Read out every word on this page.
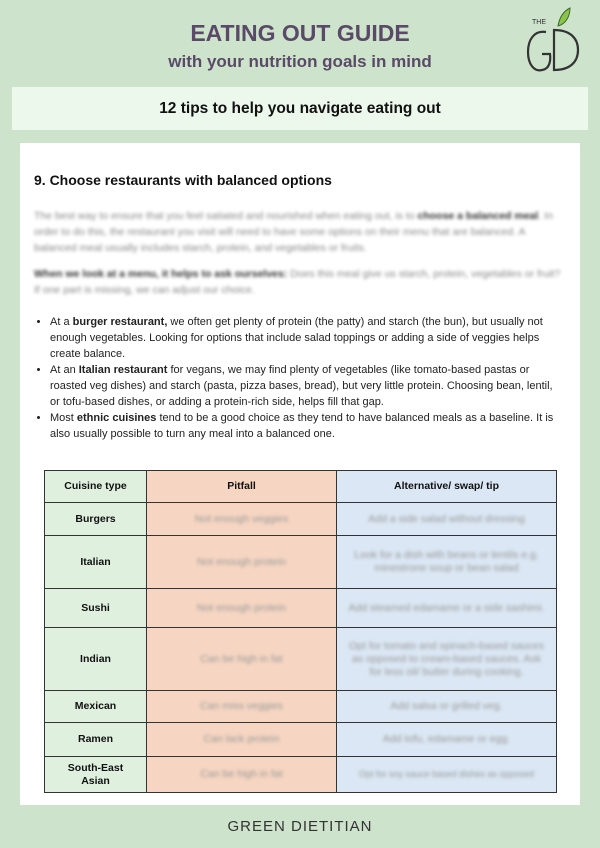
EATING OUT GUIDE
with your nutrition goals in mind
THE
12 tips to help you navigate eating out
9. Choose restaurants with balanced options
The best way to ensure that you feel satiated and nourished when eating out, is to choose a balanced meal. In order to do this, the restaurant you visit will need to have some options on their menu that are balanced. A balanced meal usually includes starch, protein, and vegetables or fruits.
When we look at a menu, it helps to ask ourselves: Does this meal give us starch, protein, vegetables or fruit? If one part is missing, we can adjust our choice.
• At a burger restaurant, we often get plenty of protein (the patty) and starch (the bun), but usually not enough vegetables. Looking for options that include salad toppings or adding a side of veggies helps create balance.
• At an Italian restaurant for vegans, we may find plenty of vegetables (like tomato-based pastas or roasted veg dishes) and starch (pasta, pizza bases, bread), but very little protein. Choosing bean, lentil, or tofu-based dishes, or adding a protein-rich side, helps fill that gap.
• Most ethnic cuisines tend to be a good choice as they tend to have balanced meals as a baseline. It is also usually possible to turn any meal into a balanced one.
Cuisine type	Pitfall	Alternative/ swap/ tip
Burgers	Not enough veggies	Add a side salad without dressing
Italian	Not enough protein	Look for a dish with beans or lentils e.g. minestrone soup or bean salad
Sushi	Not enough protein	Add steamed edamame or a side sashimi.
Indian	Can be high in fat	Opt for tomato and spinach-based sauces as opposed to cream-based sauces. Ask for less oil/ butter during cooking.
Mexican	Can miss veggies	Add salsa or grilled veg.
Ramen	Can lack protein	Add tofu, edamame or egg.
South-East Asian	Can be high in fat	Opt for soy sauce based dishes as opposed
GREEN DIETITIAN
